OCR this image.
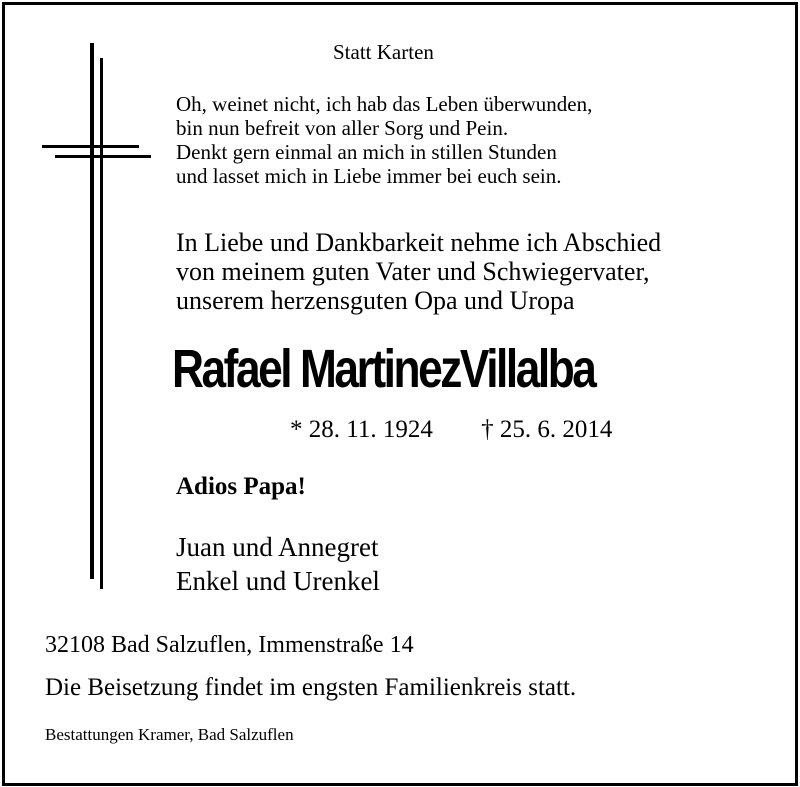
Statt Karten

Oh, weinet nicht, ich hab das Leben überwunden,
bin nun befreit von aller Sorg und Pein.
Denkt gern einmal an mich in stillen Stunden
und lasset mich in Liebe immer bei euch sein.
In Liebe und Dankbarkeit nehme ich Abschied
von meinem guten Vater und Schwiegervater,
unserem herzensguten Opa und Uropa
Rafael MartinezVillalba
* 28. 11. 1924 † 25. 6. 2014

Adios Papa!

Juan und Annegret
Enkel und Urenkel

32108 Bad Salzuflen, Immenstraße 14

Die Beisetzung findet im engsten Familienkreis statt.

Bestattungen Kramer, Bad Salzuflen
